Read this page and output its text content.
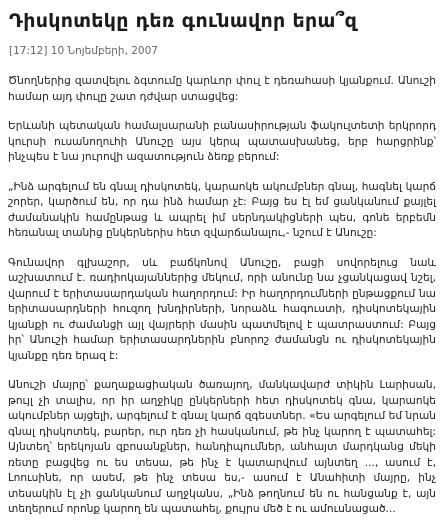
Դիսկոտեկը դեռ գունավոր երա՞զ
[17:12] 10 Նոյեմբերի, 2007

Ծնողներից զատվելու ձգտումը կարևոր փուլ է դեռահասի կյանքում. Անուշի համար այդ փուլը շատ դժվար ստացվեց:

Երևանի պետական համալսարանի բանասիրության ֆակուլտետի երկրորդ կուրսի ուսանողուհի Անուշը այս կերպ պատասխանեց, երբ հարցրինք՝ ինչպես է նա յուրովի ազատություն ձեռք բերում:

„Ինձ արգելում են գնալ դիսկոտեկ, կարաոկե ակումբներ գնալ, հագնել կարճ շորեր, կարծում են, որ դա ինձ համար չէ: Բայց ես էլ եմ ցանկանում քայլել ժամանակին համընթաց և ապրել իմ սերնդակիցների պես, գոնե երբեմն հեռանալ տանից ընկերներիս հետ զվարճանալու,- նշում է Անուշը:

Գունավոր գլխաշոր, սև բաճկոնով Անուշը, բացի սովորելուց նաև աշխատում է. ռադիոկայաններից մեկում, որի անունը նա չցանկացավ նշել, վարում է երիտասարդական հաղորդում: Իր հաղորդումների ընթացքում նա երիտասարդների հուզող խնդիրների, նորաձև հագուստի, դիսկոտեկային կյանքի ու ժամանցի այլ վայրերի մասին պատմելով է պատրաստում: Բայց իր՝ Անուշի համար երիտասարդներին բնորոշ ժամանցն ու դիսկոտեկային կյանքը դեռ երազ է:

Անուշի մայրը՝ քաղաքացիական ծառայող, մանկավարժ տիկին Լարիսան, թույլ չի տալիս, որ իր աղջիկը ընկերների հետ դիսկոտեկ գնա, կարաոկե ակումբներ այցելի, արգելում է գնալ կարճ զգեստներ. «Ես արգելում եմ նրան գնալ դիսկոտեկ, բարեր, ուր դեռ չի հասկանում, թե ինչ կարող է պատահել: Այնտեղ՝ երեկոյան զբոսանքներ, հանդիպումներ, անհայտ մարդկանց մեկի ռետը բացվեց ու ես տեսա, թե ինչ է կատարվում այնտեղ ..., ասում է, Լոուսինե, որ ասեմ, թե ինչ տեսա ես,- ասում է Անահիտի մայրը, ինչ տեսակին էլ չի ցանկանում աղջկանս, „Ինձ թողնում են ու հանցանք է, այն տեղերում որոնք կարող են պատահել, քույրս մեծ է ու ամուսնացած...
